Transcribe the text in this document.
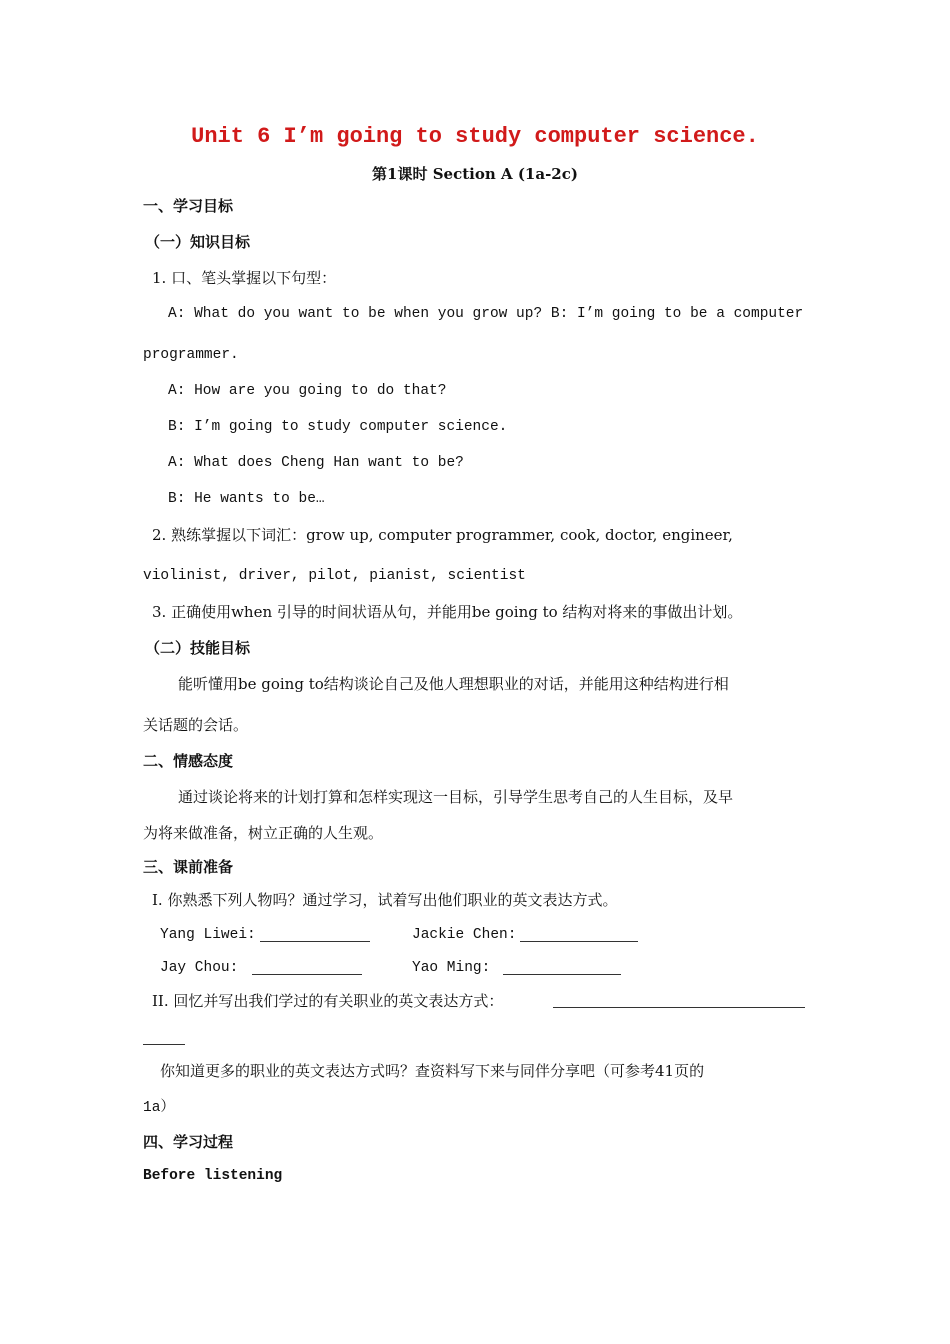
Unit 6 I’m going to study computer science.
第1课时 Section A (1a-2c)
一、学习目标
（一）知识目标
1. 口、笔头掌握以下句型：
A: What do you want to be when you grow up? B: I’m going to be a computer
programmer.
A: How are you going to do that?
B: I’m going to study computer science.
A: What does Cheng Han want to be?
B: He wants to be…
2. 熟练掌握以下词汇：grow up, computer programmer, cook, doctor, engineer,
violinist, driver, pilot, pianist, scientist
3. 正确使用when 引导的时间状语从句，并能用be going to 结构对将来的事做出计划。
（二）技能目标
能听懂用be going to结构谈论自己及他人理想职业的对话，并能用这种结构进行相
关话题的会话。
二、情感态度
通过谈论将来的计划打算和怎样实现这一目标，引导学生思考自己的人生目标，及早
为将来做准备，树立正确的人生观。
三、课前准备
I. 你熟悉下列人物吗？通过学习，试着写出他们职业的英文表达方式。
Yang Liwei:	Jackie Chen:
Jay Chou:	Yao Ming:
II. 回忆并写出我们学过的有关职业的英文表达方式：
你知道更多的职业的英文表达方式吗？查资料写下来与同伴分享吧（可参考41页的
1a）
四、学习过程
Before listening
